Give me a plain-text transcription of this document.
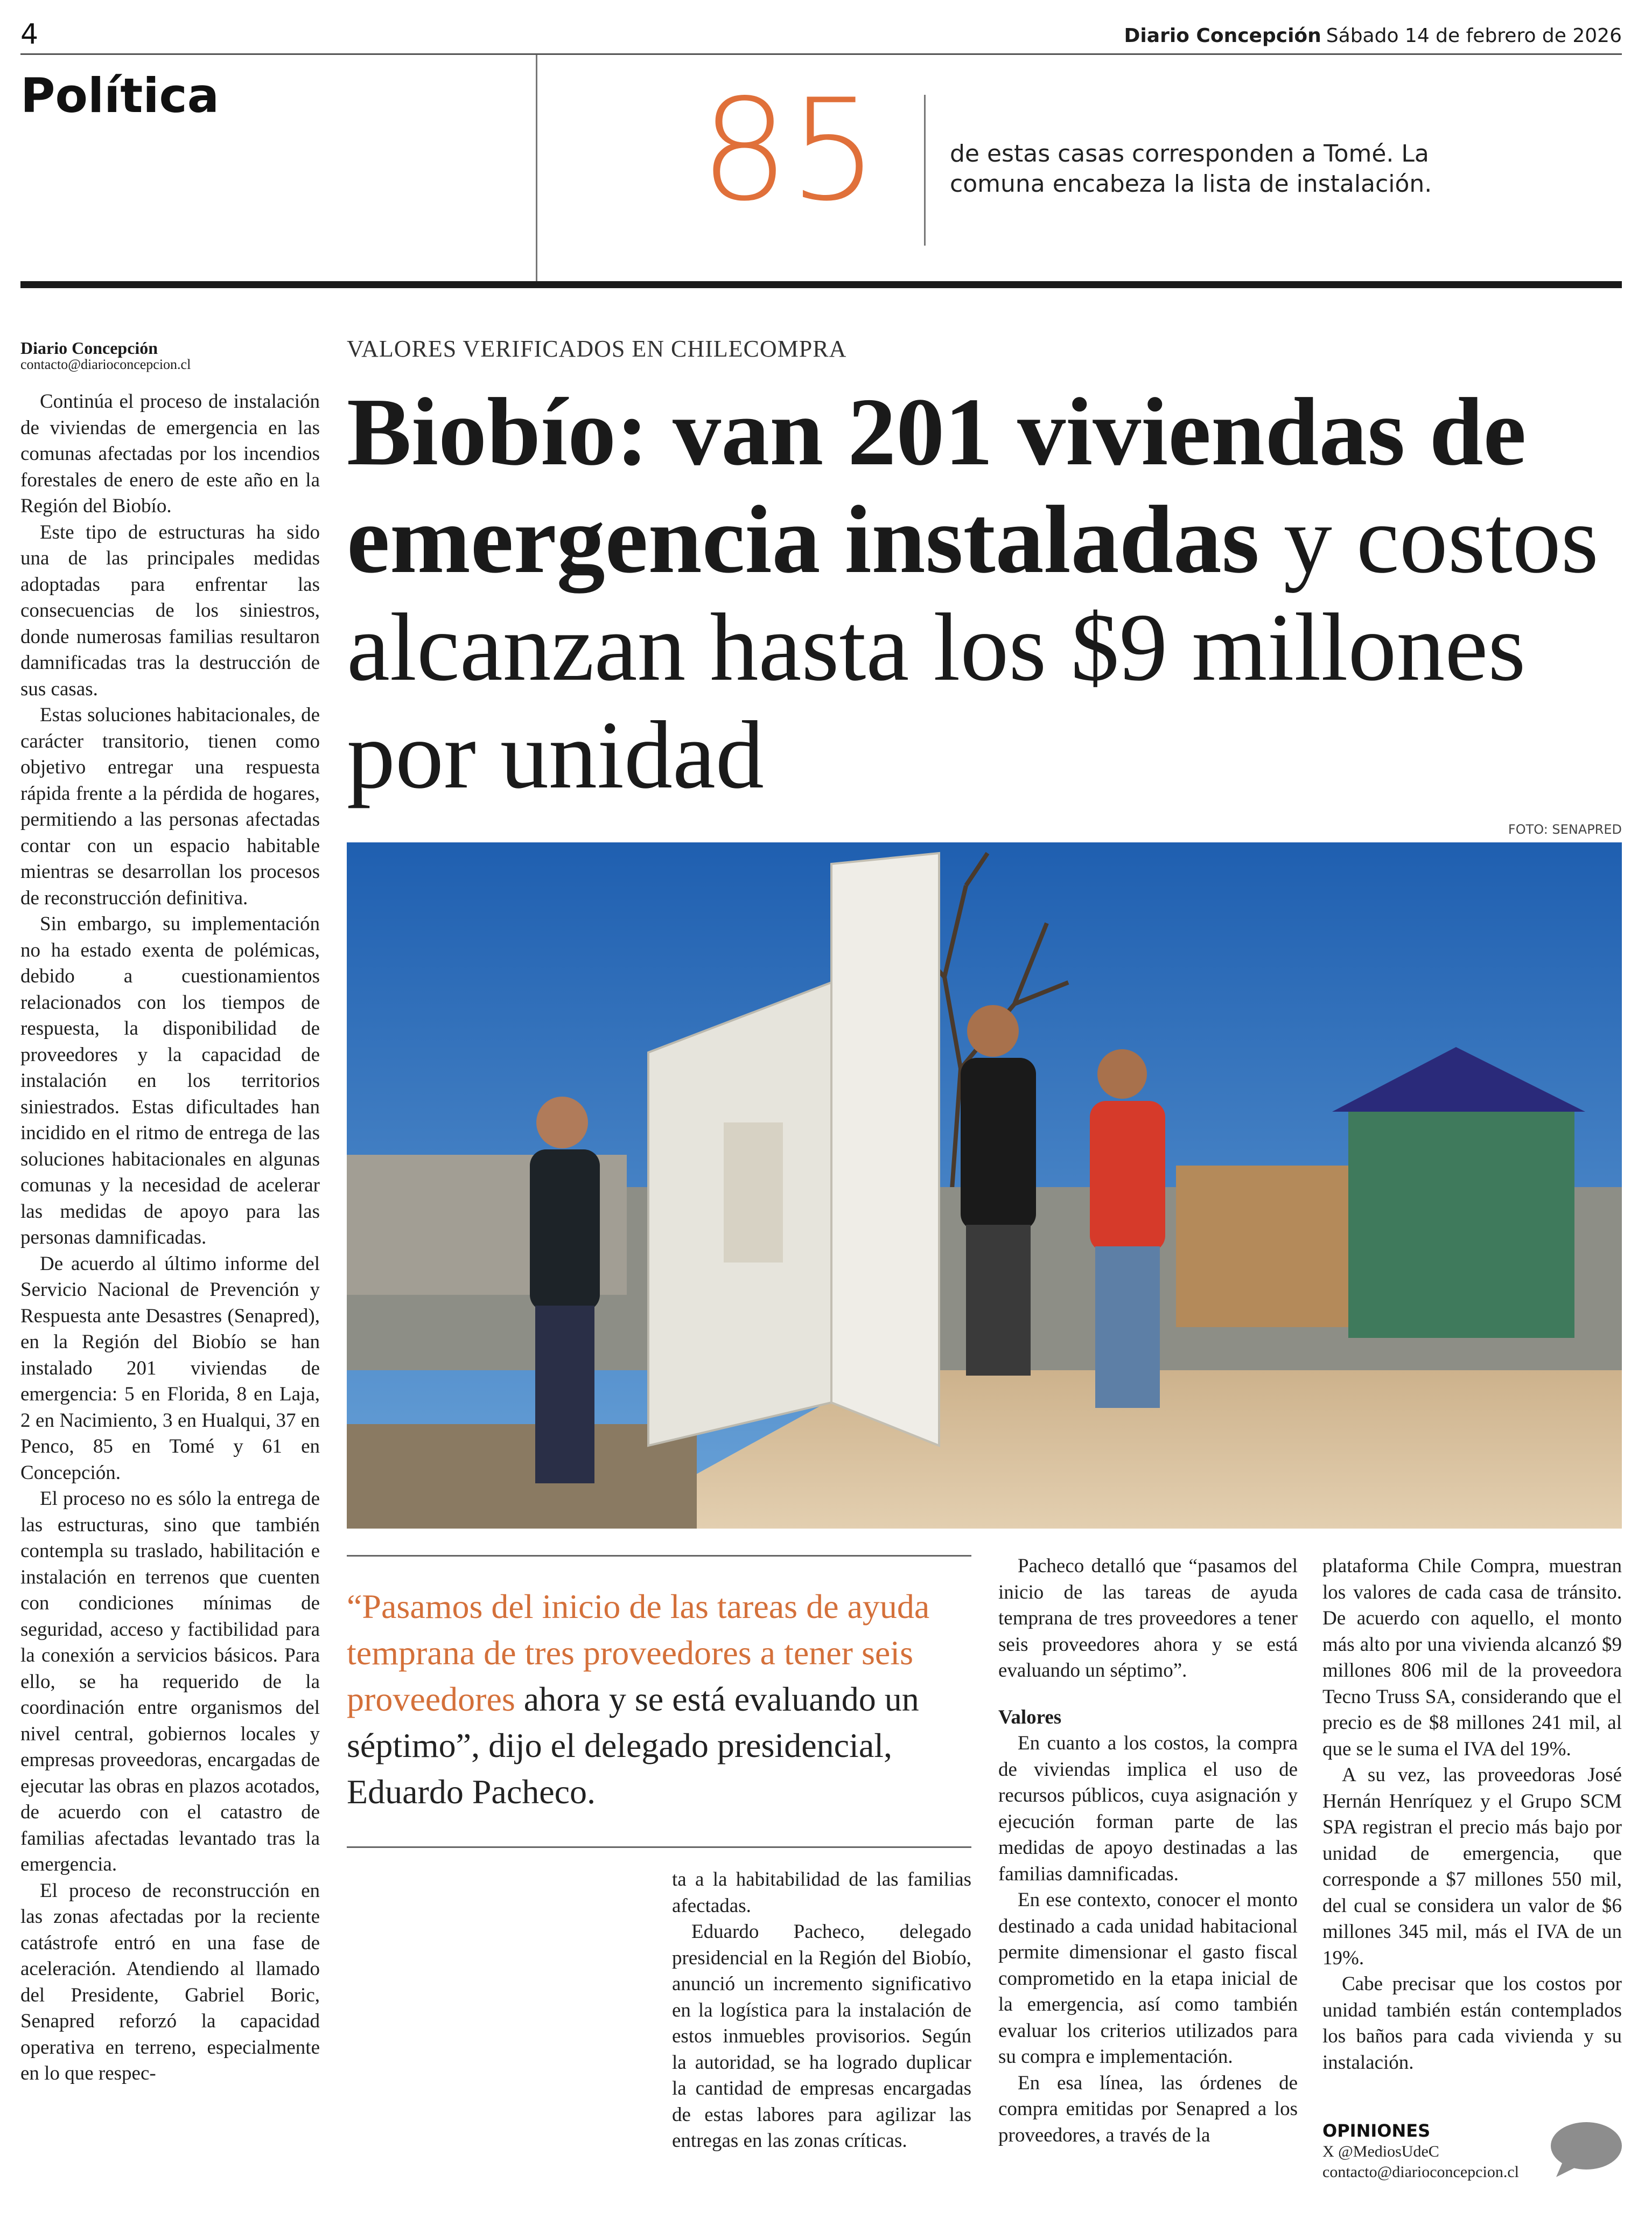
4	Diario Concepción Sábado 14 de febrero de 2026
Política	85	de estas casas corresponden a Tomé. La comuna encabeza la lista de instalación.
Diario Concepción
contacto@diarioconcepcion.cl

Continúa el proceso de instalación de viviendas de emergencia en las comunas afectadas por los incendios forestales de enero de este año en la Región del Biobío.

Este tipo de estructuras ha sido una de las principales medidas adoptadas para enfrentar las consecuencias de los siniestros, donde numerosas familias resultaron damnificadas tras la destrucción de sus casas.

Estas soluciones habitacionales, de carácter transitorio, tienen como objetivo entregar una respuesta rápida frente a la pérdida de hogares, permitiendo a las personas afectadas contar con un espacio habitable mientras se desarrollan los procesos de reconstrucción definitiva.

Sin embargo, su implementación no ha estado exenta de polémicas, debido a cuestionamientos relacionados con los tiempos de respuesta, la disponibilidad de proveedores y la capacidad de instalación en los territorios siniestrados. Estas dificultades han incidido en el ritmo de entrega de las soluciones habitacionales en algunas comunas y la necesidad de acelerar las medidas de apoyo para las personas damnificadas.

De acuerdo al último informe del Servicio Nacional de Prevención y Respuesta ante Desastres (Senapred), en la Región del Biobío se han instalado 201 viviendas de emergencia: 5 en Florida, 8 en Laja, 2 en Nacimiento, 3 en Hualqui, 37 en Penco, 85 en Tomé y 61 en Concepción.

El proceso no es sólo la entrega de las estructuras, sino que también contempla su traslado, habilitación e instalación en terrenos que cuenten con condiciones mínimas de seguridad, acceso y factibilidad para la conexión a servicios básicos. Para ello, se ha requerido de la coordinación entre organismos del nivel central, gobiernos locales y empresas proveedoras, encargadas de ejecutar las obras en plazos acotados, de acuerdo con el catastro de familias afectadas levantado tras la emergencia.

El proceso de reconstrucción en las zonas afectadas por la reciente catástrofe entró en una fase de aceleración. Atendiendo al llamado del Presidente, Gabriel Boric, Senapred reforzó la capacidad operativa en terreno, especialmente en lo que respec-

VALORES VERIFICADOS EN CHILECOMPRA
Biobío: van 201 viviendas de emergencia instaladas y costos alcanzan hasta los $9 millones por unidad
FOTO: SENAPRED
“Pasamos del inicio de las tareas de ayuda temprana de tres proveedores a tener seis proveedores ahora y se está evaluando un séptimo”, dijo el delegado presidencial, Eduardo Pacheco.
ta a la habitabilidad de las familias afectadas.

Eduardo Pacheco, delegado presidencial en la Región del Biobío, anunció un incremento significativo en la logística para la instalación de estos inmuebles provisorios. Según la autoridad, se ha logrado duplicar la cantidad de empresas encargadas de estas labores para agilizar las entregas en las zonas críticas.

Pacheco detalló que “pasamos del inicio de las tareas de ayuda temprana de tres proveedores a tener seis proveedores ahora y se está evaluando un séptimo”.

Valores

En cuanto a los costos, la compra de viviendas implica el uso de recursos públicos, cuya asignación y ejecución forman parte de las medidas de apoyo destinadas a las familias damnificadas.

En ese contexto, conocer el monto destinado a cada unidad habitacional permite dimensionar el gasto fiscal comprometido en la etapa inicial de la emergencia, así como también evaluar los criterios utilizados para su compra e implementación.

En esa línea, las órdenes de compra emitidas por Senapred a los proveedores, a través de la

plataforma Chile Compra, muestran los valores de cada casa de tránsito. De acuerdo con aquello, el monto más alto por una vivienda alcanzó $9 millones 806 mil de la proveedora Tecno Truss SA, considerando que el precio es de $8 millones 241 mil, al que se le suma el IVA del 19%.

A su vez, las proveedoras José Hernán Henríquez y el Grupo SCM SPA registran el precio más bajo por unidad de emergencia, que corresponde a $7 millones 550 mil, del cual se considera un valor de $6 millones 345 mil, más el IVA de un 19%.

Cabe precisar que los costos por unidad también están contemplados los baños para cada vivienda y su instalación.

OPINIONES
X @MediosUdeC
contacto@diarioconcepcion.cl
